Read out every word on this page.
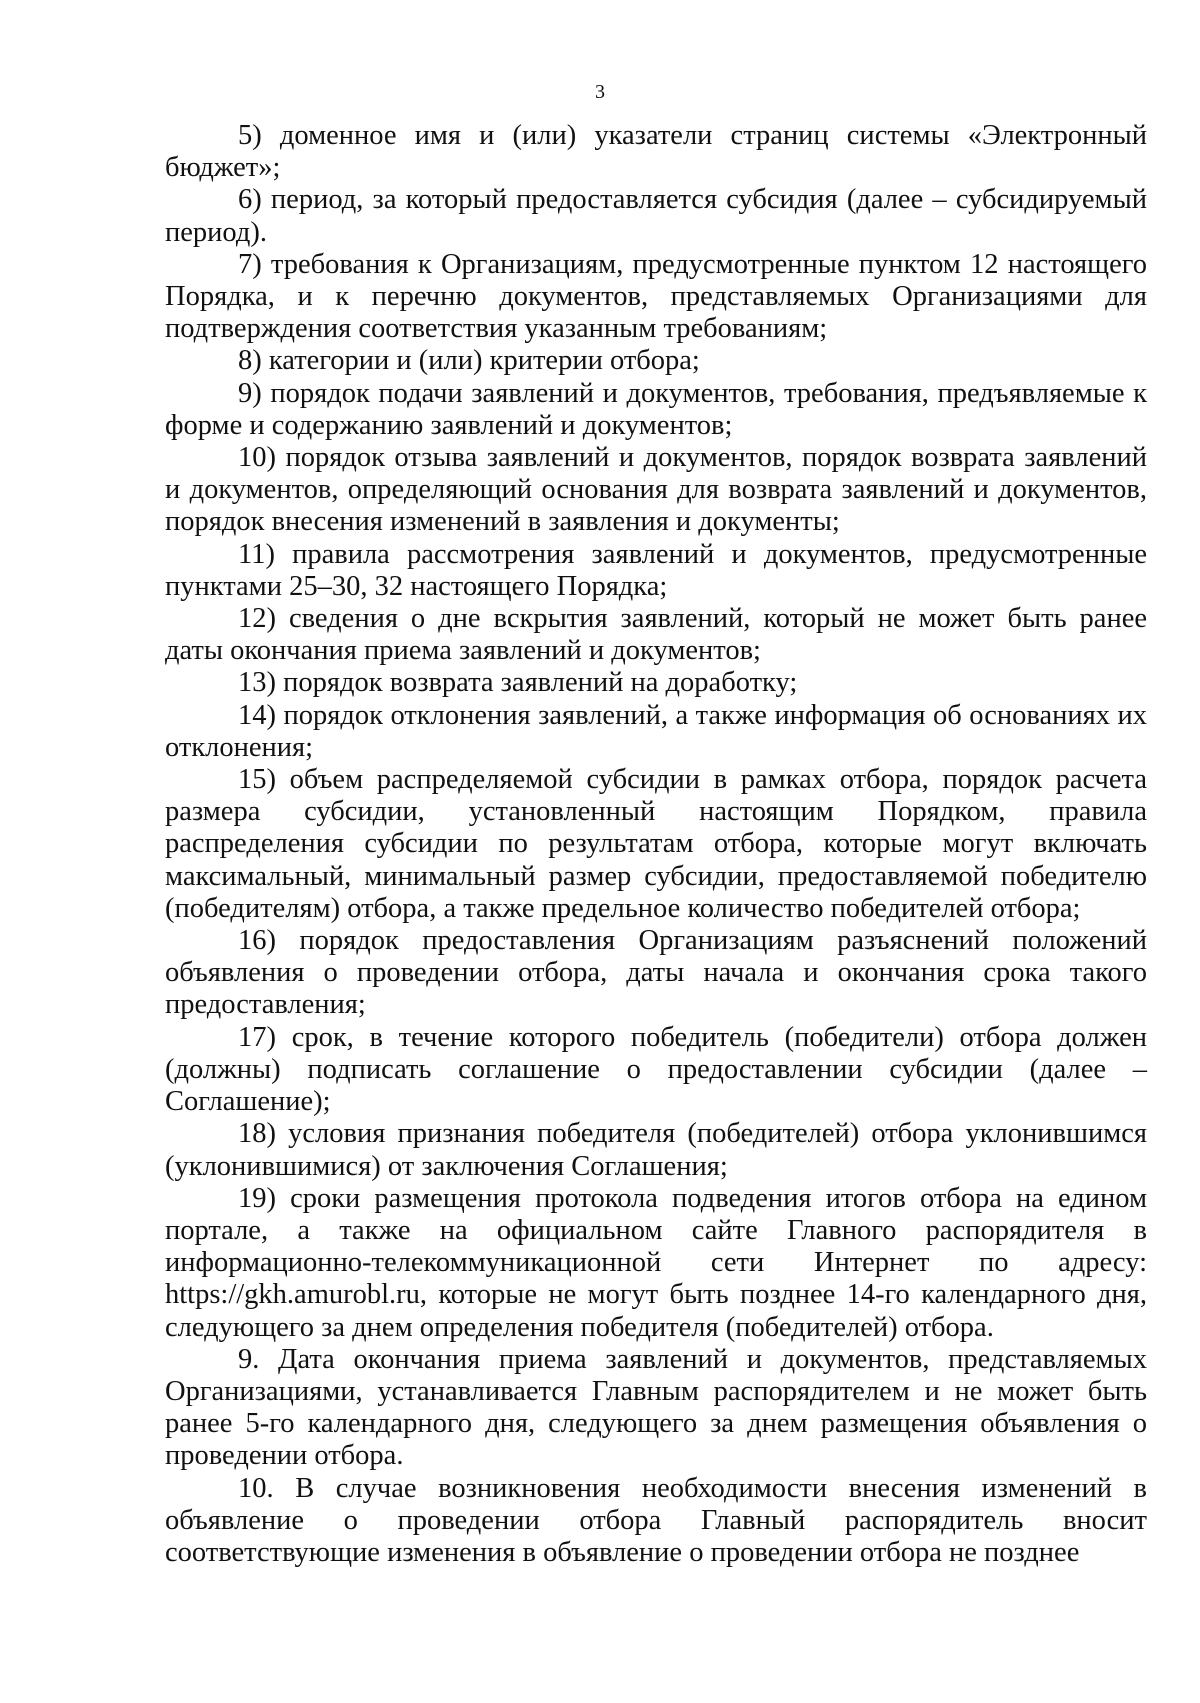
3

5) доменное имя и (или) указатели страниц системы «Электронный бюджет»;

6) период, за который предоставляется субсидия (далее – субсидируемый период).

7) требования к Организациям, предусмотренные пунктом 12 настоящего Порядка, и к перечню документов, представляемых Организациями для подтверждения соответствия указанным требованиям;

8) категории и (или) критерии отбора;

9) порядок подачи заявлений и документов, требования, предъявляемые к форме и содержанию заявлений и документов;

10) порядок отзыва заявлений и документов, порядок возврата заявлений и документов, определяющий основания для возврата заявлений и документов, порядок внесения изменений в заявления и документы;

11) правила рассмотрения заявлений и документов, предусмотренные пунктами 25–30, 32 настоящего Порядка;

12) сведения о дне вскрытия заявлений, который не может быть ранее даты окончания приема заявлений и документов;

13) порядок возврата заявлений на доработку;

14) порядок отклонения заявлений, а также информация об основаниях их отклонения;

15) объем распределяемой субсидии в рамках отбора, порядок расчета размера субсидии, установленный настоящим Порядком, правила распределения субсидии по результатам отбора, которые могут включать максимальный, минимальный размер субсидии, предоставляемой победителю (победителям) отбора, а также предельное количество победителей отбора;

16) порядок предоставления Организациям разъяснений положений объявления о проведении отбора, даты начала и окончания срока такого предоставления;

17) срок, в течение которого победитель (победители) отбора должен (должны) подписать соглашение о предоставлении субсидии (далее – Соглашение);

18) условия признания победителя (победителей) отбора уклонившимся (уклонившимися) от заключения Соглашения;

19) сроки размещения протокола подведения итогов отбора на едином портале, а также на официальном сайте Главного распорядителя в информационно-телекоммуникационной сети Интернет по адресу: https://gkh.amurobl.ru, которые не могут быть позднее 14-го календарного дня, следующего за днем определения победителя (победителей) отбора.

9. Дата окончания приема заявлений и документов, представляемых Организациями, устанавливается Главным распорядителем и не может быть ранее 5-го календарного дня, следующего за днем размещения объявления о проведении отбора.

10. В случае возникновения необходимости внесения изменений в объявление о проведении отбора Главный распорядитель вносит соответствующие изменения в объявление о проведении отбора не позднее
